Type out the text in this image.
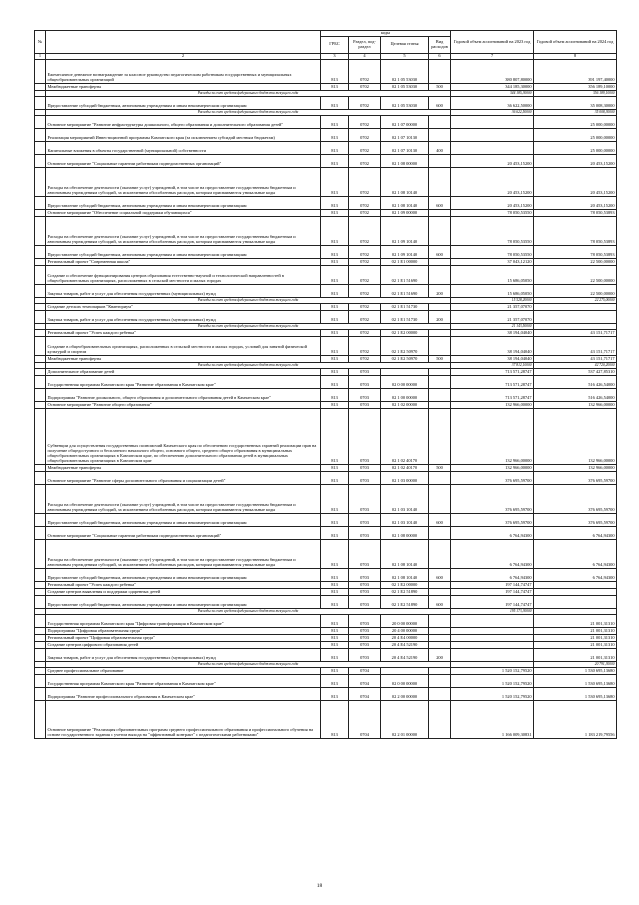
№		коды				Годовой объем ассигнований на 2023 год	Годовой объем ассигнований на 2024 год
		ГРБС	Раздел, под-раздел	Целевая статья	Вид расходов		
1	2	3	4	5	6	7	8
	Ежемесячное денежное вознаграждение за классное руководство педагогическим работникам государственных и муниципальных общеобразовательных организаций	813	0702	02 1 05 53030		380 807,80000	391 197,40000
	Межбюджетные трансферты	813	0702	02 1 05 53030	500	344 185,30000	356 189,10000
	Расходы за счет средств федерального бюджета текущего года					344 185,30000	356 189,10000
	Предоставление субсидий бюджетным, автономным учреждениям и иным некоммерческим организациям	813	0702	02 1 05 53030	600	36 622,50000	35 008,30000
	Расходы за счет средств федерального бюджета текущего года					36 622,50000	35 008,30000
	Основное мероприятие "Развитие инфраструктуры дошкольного, общего образования и дополнительного образования детей"	813	0702	02 1 07 00000			25 000,00000
	Реализация мероприятий Инвестиционной программы Камчатского края (за исключением субсидий местным бюджетам)	813	0702	02 1 07 10130			25 000,00000
	Капитальные вложения в объекты государственной (муниципальной) собственности	813	0702	02 1 07 10130	400		25 000,00000
	Основное мероприятие "Социальные гарантии работникам подведомственных организаций"	813	0702	02 1 08 00000		20 453,15200	20 453,15200
	Расходы на обеспечение деятельности (оказание услуг) учреждений, в том числе на предоставление государственным бюджетным и автономным учреждениям субсидий, за исключением обособленных расходов, которым присваиваются уникальные коды	813	0702	02 1 08 10140		20 453,15200	20 453,15200
	Предоставление субсидий бюджетным, автономным учреждениям и иным некоммерческим организациям	813	0702	02 1 08 10140	600	20 453,15200	20 453,15200
	Основное мероприятие "Обеспечение социальной поддержки обучающихся"	813	0702	02 1 09 00000		78 050,53550	78 050,53893
	Расходы на обеспечение деятельности (оказание услуг) учреждений, в том числе на предоставление государственным бюджетным и автономным учреждениям субсидий, за исключением обособленных расходов, которым присваиваются уникальные коды	813	0702	02 1 09 10140		78 050,53550	78 050,53893
	Предоставление субсидий бюджетным, автономным учреждениям и иным некоммерческим организациям	813	0702	02 1 09 10140	600	78 050,53550	78 050,53893
	Региональный проект "Современная школа"	813	0702	02 1 E1 00000		37 043,12120	22 500,00000
	Создание и обеспечение функционирования центров образования естественно-научной и технологической направленностей в общеобразовательных организациях, расположенных в сельской местности и малых городах	813	0702	02 1 E1 51690		15 686,05050	22 500,00000
	Закупка товаров, работ и услуг для обеспечения государственных (муниципальных) нужд	813	0702	02 1 E1 51690	200	15 686,05050	22 500,00000
	Расходы за счет средств федерального бюджета текущего года					15 528,20000	22 275,00000
	Создание детских технопарков "Кванториум"	813	0702	02 1 E1 51730		21 357,07070	
	Закупка товаров, работ и услуг для обеспечения государственных (муниципальных) нужд	813	0702	02 1 E1 51730	200	21 357,07070	
	Расходы за счет средств федерального бюджета текущего года					21 143,50000	
	Региональный проект "Успех каждого ребенка"	813	0702	02 1 E2 00000		38 194,04040	43 151,71717
	Создание в общеобразовательных организациях, расположенных в сельской местности и малых городах, условий для занятий физической культурой и спортом	813	0702	02 1 E2 50970		38 194,04040	43 151,71717
	Межбюджетные трансферты	813	0702	02 1 E2 50970	500	38 194,04040	43 151,71717
	Расходы за счет средств федерального бюджета текущего года					37 812,10000	42 720,20000
	Дополнительное образование детей	813	0703			713 571,28747	537 427,85310
	Государственная программа Камчатского края "Развитие образования в Камчатском крае"	813	0703	02 0 00 00000		713 571,28747	516 426,54000
	Подпрограмма "Развитие дошкольного, общего образования и дополнительного образования детей в Камчатском крае"	813	0703	02 1 00 00000		713 571,28747	516 426,54000
	Основное мероприятие "Развитие общего образования"	813	0703	02 1 02 00000		132 966,00000	132 966,00000
	Субвенции для осуществления государственных полномочий Камчатского края по обеспечению государственных гарантий реализации прав на получение общедоступного и бесплатного начального общего, основного общего, среднего общего образования в муниципальных общеобразовательных организациях в Камчатском крае, по обеспечению дополнительного образования детей в муниципальных общеобразовательных организациях в Камчатском крае	813	0703	02 1 02 40170		132 966,00000	132 966,00000
	Межбюджетные трансферты	813	0703	02 1 02 40170	500	132 966,00000	132 966,00000
	Основное мероприятие "Развитие сферы дополнительного образования и социализации детей"	813	0703	02 1 03 00000		376 695,59700	376 695,59700
	Расходы на обеспечение деятельности (оказание услуг) учреждений, в том числе на предоставление государственным бюджетным и автономным учреждениям субсидий, за исключением обособленных расходов, которым присваиваются уникальные коды	813	0703	02 1 03 10140		376 695,59700	376 695,59700
	Предоставление субсидий бюджетным, автономным учреждениям и иным некоммерческим организациям	813	0703	02 1 03 10140	600	376 695,59700	376 695,59700
	Основное мероприятие "Социальные гарантии работникам подведомственных организаций"	813	0703	02 1 08 00000		6 764,94300	6 764,94300
	Расходы на обеспечение деятельности (оказание услуг) учреждений, в том числе на предоставление государственным бюджетным и автономным учреждениям субсидий, за исключением обособленных расходов, которым присваиваются уникальные коды	813	0703	02 1 08 10140		6 764,94300	6 764,94300
	Предоставление субсидий бюджетным, автономным учреждениям и иным некоммерческим организациям	813	0703	02 1 08 10140	600	6 764,94300	6 764,94300
	Региональный проект "Успех каждого ребенка"	813	0703	02 1 E2 00000		197 144,74747	
	Создание центров выявления и поддержки одаренных детей	813	0703	02 1 E2 51890		197 144,74747	
	Предоставление субсидий бюджетным, автономным учреждениям и иным некоммерческим организациям	813	0703	02 1 E2 51890	600	197 144,74747	
	Расходы за счет средств федерального бюджета текущего года					195 173,30000	
	Государственная программа Камчатского края "Цифровая трансформация в Камчатском крае"	813	0703	20 0 00 00000			21 001,31310
	Подпрограмма "Цифровая образовательная среда"	813	0703	20 4 00 00000			21 001,31310
	Региональный проект "Цифровая образовательная среда"	813	0703	20 4 E4 00000			21 001,31310
	Создание центров цифрового образования детей	813	0703	20 4 E4 52190			21 001,31310
	Закупка товаров, работ и услуг для обеспечения государственных (муниципальных) нужд	813	0703	20 4 E4 52190	200		21 001,31310
	Расходы за счет средств федерального бюджета текущего года						20 791,30000
	Среднее профессиональное образование	813	0704			1 520 152,79520	1 530 695,13680
	Государственная программа Камчатского края "Развитие образования в Камчатском крае"	813	0704	02 0 00 00000		1 520 152,79520	1 530 695,13680
	Подпрограмма "Развитие профессионального образования в Камчатском крае"	813	0704	02 2 00 00000		1 520 152,79520	1 530 695,13680
	Основное мероприятие "Реализация образовательных программ среднего профессионального образования и профессионального обучения на основе государственного задания с учетом выхода на "эффективный контракт" с педагогическими работниками"	813	0704	02 2 01 00000		1 166 009,30831	1 183 219,79556
18
